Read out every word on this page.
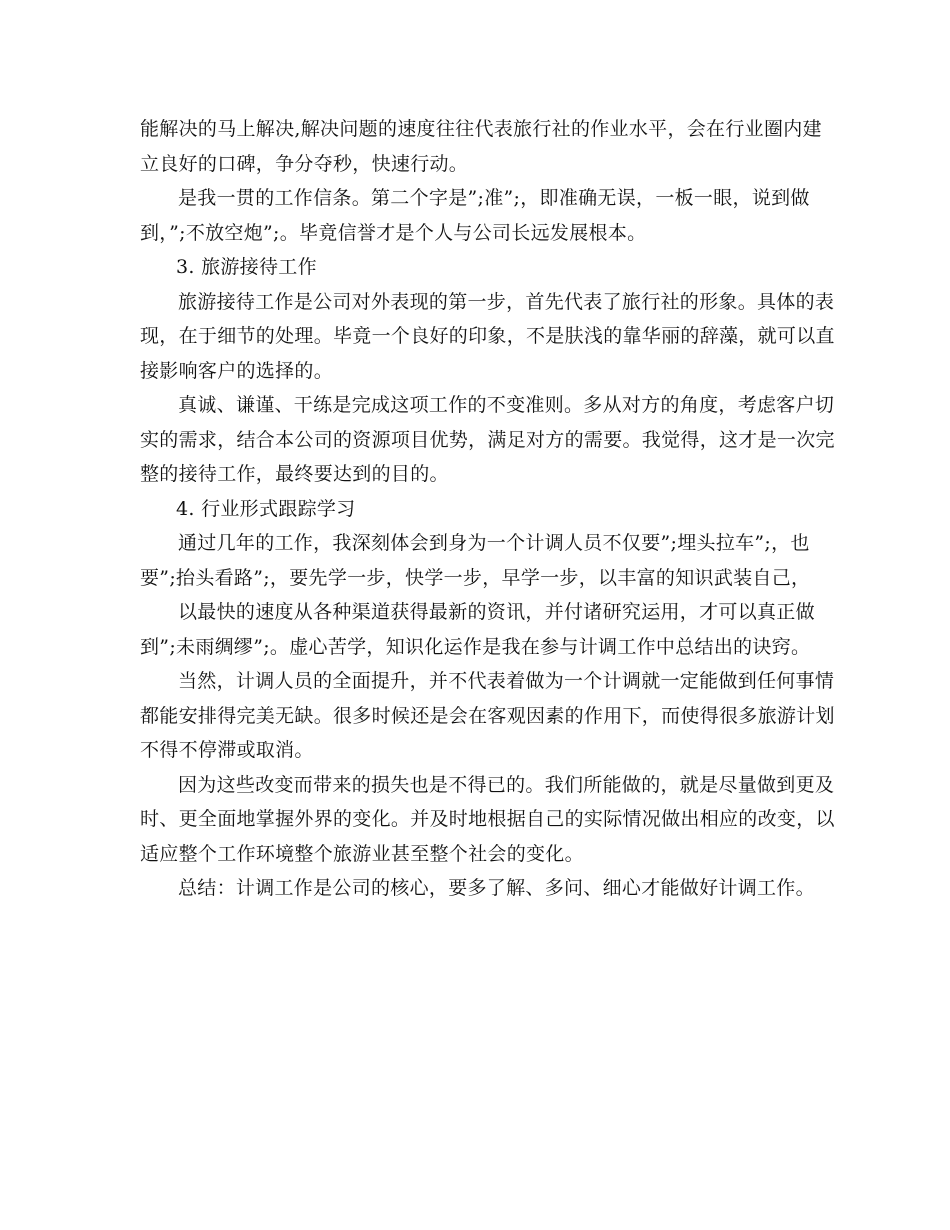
能解决的马上解决,解决问题的速度往往代表旅行社的作业水平，会在行业圈内建

立良好的口碑，争分夺秒，快速行动。

是我一贯的工作信条。第二个字是”;准”;，即准确无误，一板一眼，说到做

到，”;不放空炮”;。毕竟信誉才是个人与公司长远发展根本。

3. 旅游接待工作

旅游接待工作是公司对外表现的第一步，首先代表了旅行社的形象。具体的表

现，在于细节的处理。毕竟一个良好的印象，不是肤浅的靠华丽的辞藻，就可以直

接影响客户的选择的。

真诚、谦谨、干练是完成这项工作的不变准则。多从对方的角度，考虑客户切

实的需求，结合本公司的资源项目优势，满足对方的需要。我觉得，这才是一次完

整的接待工作，最终要达到的目的。

4. 行业形式跟踪学习

通过几年的工作，我深刻体会到身为一个计调人员不仅要”;埋头拉车”;，也

要”;抬头看路”;，要先学一步，快学一步，早学一步，以丰富的知识武装自己，

以最快的速度从各种渠道获得最新的资讯，并付诸研究运用，才可以真正做

到”;未雨绸缪”;。虚心苦学，知识化运作是我在参与计调工作中总结出的诀窍。

当然，计调人员的全面提升，并不代表着做为一个计调就一定能做到任何事情

都能安排得完美无缺。很多时候还是会在客观因素的作用下，而使得很多旅游计划

不得不停滞或取消。

因为这些改变而带来的损失也是不得已的。我们所能做的，就是尽量做到更及

时、更全面地掌握外界的变化。并及时地根据自己的实际情况做出相应的改变，以

适应整个工作环境整个旅游业甚至整个社会的变化。

总结：计调工作是公司的核心，要多了解、多问、细心才能做好计调工作。
